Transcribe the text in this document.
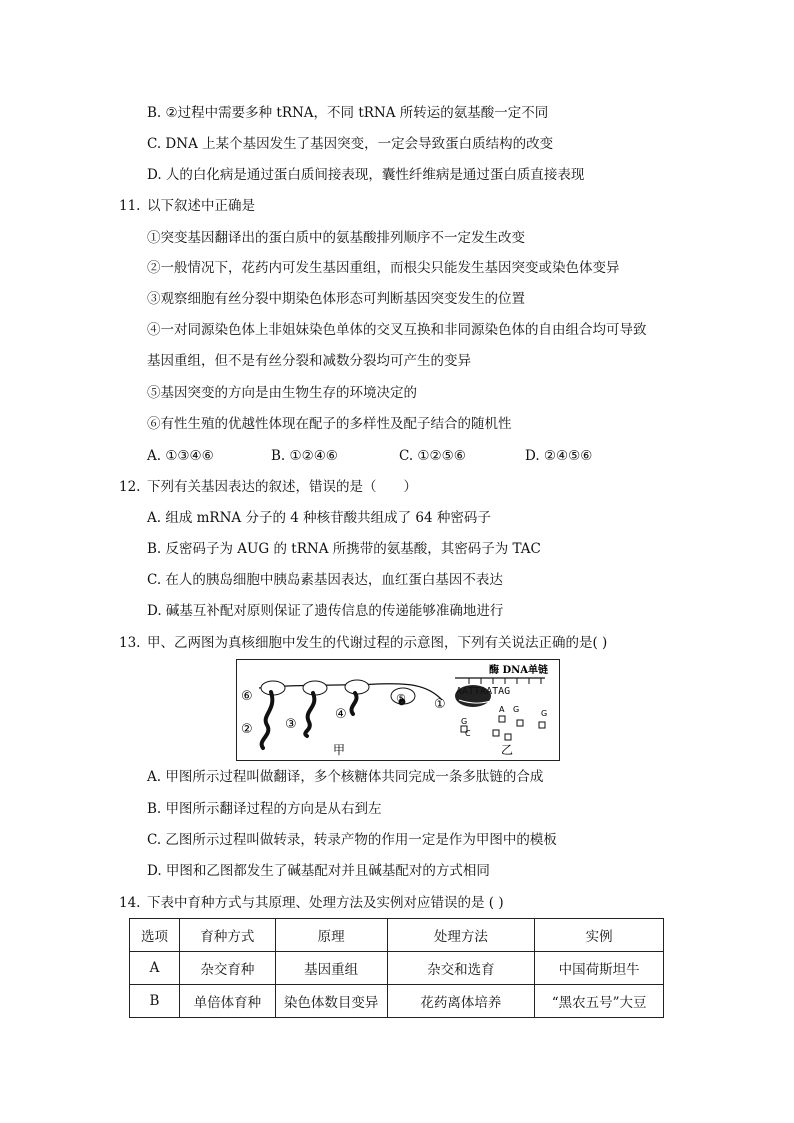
B. ②过程中需要多种 tRNA，不同 tRNA 所转运的氨基酸一定不同
C. DNA 上某个基因发生了基因突变，一定会导致蛋白质结构的改变
D. 人的白化病是通过蛋白质间接表现，囊性纤维病是通过蛋白质直接表现
11. 以下叙述中正确是
①突变基因翻译出的蛋白质中的氨基酸排列顺序不一定发生改变
②一般情况下，花药内可发生基因重组，而根尖只能发生基因突变或染色体变异
③观察细胞有丝分裂中期染色体形态可判断基因突变发生的位置
④一对同源染色体上非姐妹染色单体的交叉互换和非同源染色体的自由组合均可导致
基因重组，但不是有丝分裂和减数分裂均可产生的变异
⑤基因突变的方向是由生物生存的环境决定的
⑥有性生殖的优越性体现在配子的多样性及配子结合的随机性
A. ①③④⑥	B. ①②④⑥	C. ①②⑤⑥	D. ②④⑤⑥
12. 下列有关基因表达的叙述，错误的是（　　）
A. 组成 mRNA 分子的 4 种核苷酸共组成了 64 种密码子
B. 反密码子为 AUG 的 tRNA 所携带的氨基酸，其密码子为 TAC
C. 在人的胰岛细胞中胰岛素基因表达，血红蛋白基因不表达
D. 碱基互补配对原则保证了遗传信息的传递能够准确地进行
13. 甲、乙两图为真核细胞中发生的代谢过程的示意图，下列有关说法正确的是( )
⑥
② ③
④
⑤ ①
酶 DNA单链
AATTAATAG
G
C
A G	G
甲	乙
A. 甲图所示过程叫做翻译，多个核糖体共同完成一条多肽链的合成
B. 甲图所示翻译过程的方向是从右到左
C. 乙图所示过程叫做转录，转录产物的作用一定是作为甲图中的模板
D. 甲图和乙图都发生了碱基配对并且碱基配对的方式相同
14. 下表中育种方式与其原理、处理方法及实例对应错误的是 ( )
选项	育种方式	原理	处理方法	实例
A	杂交育种	基因重组	杂交和选育	中国荷斯坦牛
B	单倍体育种	染色体数目变异	花药离体培养	“黑农五号”大豆
